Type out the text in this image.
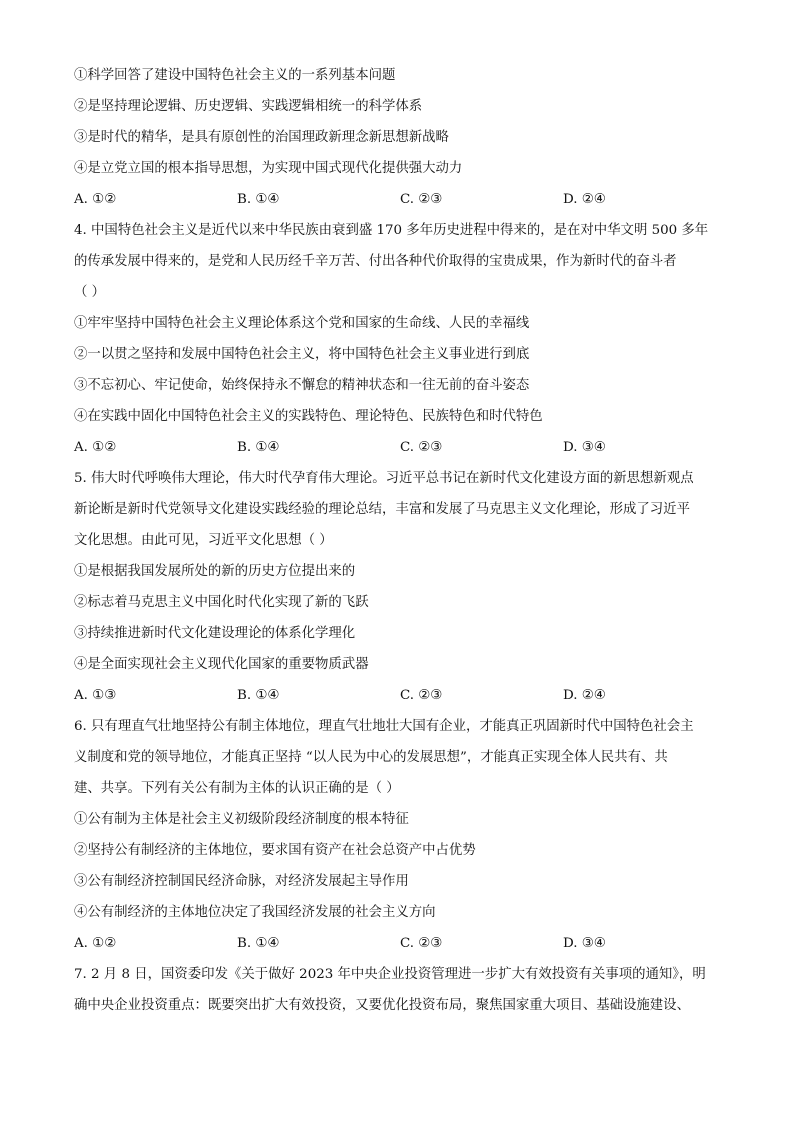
①科学回答了建设中国特色社会主义的一系列基本问题
②是坚持理论逻辑、历史逻辑、实践逻辑相统一的科学体系
③是时代的精华，是具有原创性的治国理政新理念新思想新战略
④是立党立国的根本指导思想，为实现中国式现代化提供强大动力
A. ①②	B. ①④	C. ②③	D. ②④
4. 中国特色社会主义是近代以来中华民族由衰到盛 170 多年历史进程中得来的，是在对中华文明 500 多年
的传承发展中得来的，是党和人民历经千辛万苦、付出各种代价取得的宝贵成果，作为新时代的奋斗者
（ ）
①牢牢坚持中国特色社会主义理论体系这个党和国家的生命线、人民的幸福线
②一以贯之坚持和发展中国特色社会主义，将中国特色社会主义事业进行到底
③不忘初心、牢记使命，始终保持永不懈怠的精神状态和一往无前的奋斗姿态
④在实践中固化中国特色社会主义的实践特色、理论特色、民族特色和时代特色
A. ①②	B. ①④	C. ②③	D. ③④
5. 伟大时代呼唤伟大理论，伟大时代孕育伟大理论。习近平总书记在新时代文化建设方面的新思想新观点
新论断是新时代党领导文化建设实践经验的理论总结，丰富和发展了马克思主义文化理论，形成了习近平
文化思想。由此可见，习近平文化思想（ ）
①是根据我国发展所处的新的历史方位提出来的
②标志着马克思主义中国化时代化实现了新的飞跃
③持续推进新时代文化建设理论的体系化学理化
④是全面实现社会主义现代化国家的重要物质武器
A. ①③	B. ①④	C. ②③	D. ②④
6. 只有理直气壮地坚持公有制主体地位，理直气壮地壮大国有企业，才能真正巩固新时代中国特色社会主
义制度和党的领导地位，才能真正坚持 “以人民为中心的发展思想”，才能真正实现全体人民共有、共
建、共享。下列有关公有制为主体的认识正确的是（ ）
①公有制为主体是社会主义初级阶段经济制度的根本特征
②坚持公有制经济的主体地位，要求国有资产在社会总资产中占优势
③公有制经济控制国民经济命脉，对经济发展起主导作用
④公有制经济的主体地位决定了我国经济发展的社会主义方向
A. ①②	B. ①④	C. ②③	D. ③④
7. 2 月 8 日，国资委印发《关于做好 2023 年中央企业投资管理进一步扩大有效投资有关事项的通知》，明
确中央企业投资重点：既要突出扩大有效投资，又要优化投资布局，聚焦国家重大项目、基础设施建设、
